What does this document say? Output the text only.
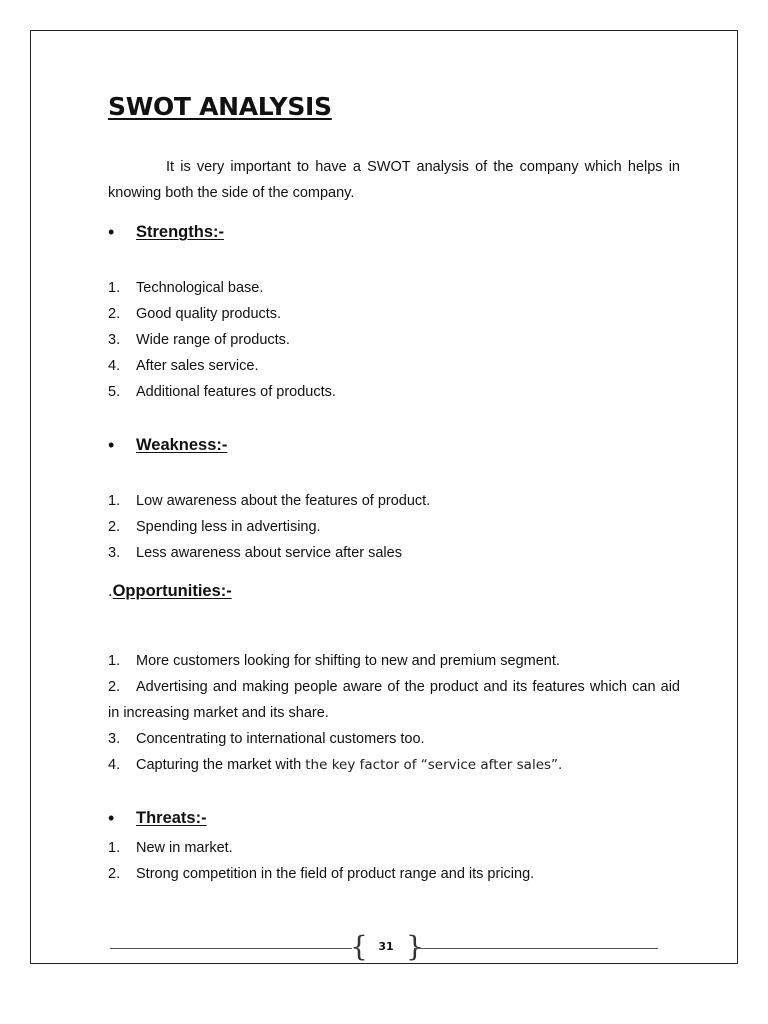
SWOT ANALYSIS

It is very important to have a SWOT analysis of the company which helps in knowing both the side of the company.

•	Strengths:-
1. Technological base.
2. Good quality products.
3. Wide range of products.
4. After sales service.
5. Additional features of products.
•	Weakness:-
1. Low awareness about the features of product.
2. Spending less in advertising.
3. Less awareness about service after sales
. Opportunities:-
1. More customers looking for shifting to new and premium segment.
2. Advertising and making people aware of the product and its features which can aid in increasing market and its share.
3. Concentrating to international customers too.
4. Capturing the market with the key factor of “service after sales”.
•	Threats:-
1. New in market.
2. Strong competition in the field of product range and its pricing.
{ 31 }
